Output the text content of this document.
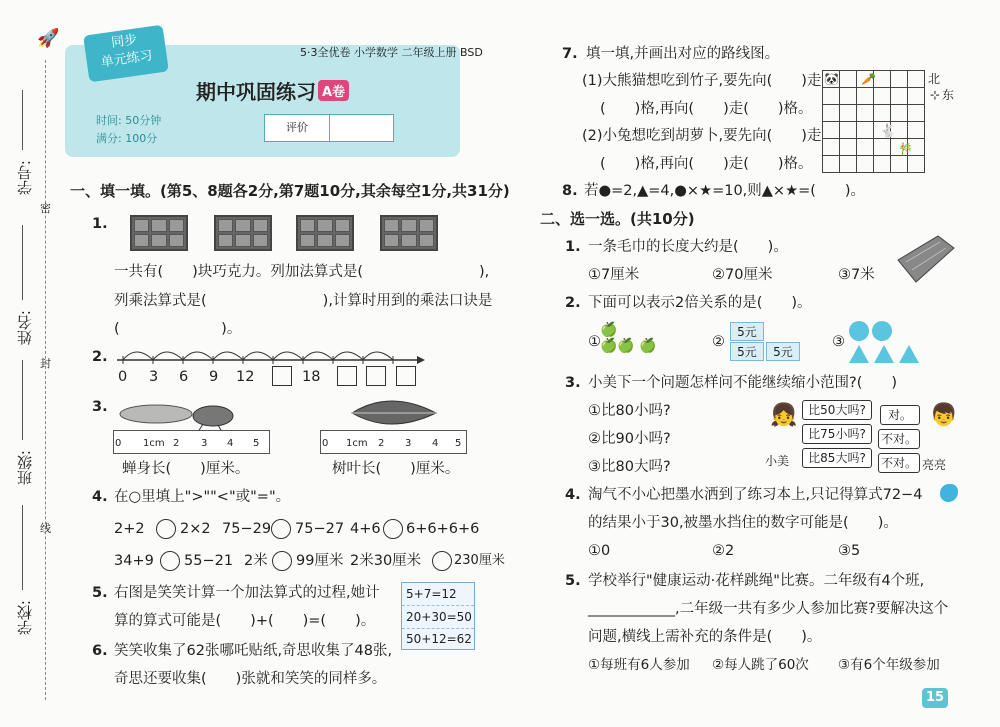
🚀
学号:
姓名:
班级:
学校:
线
封
密
同步
单元练习	5·3全优卷 小学数学 二年级上册 BSD
期中巩固练习 A卷
时间: 50分钟
满分: 100分
评价
一、填一填。(第5、8题各2分,第7题10分,其余每空1分,共31分)
1.
一共有(　　)块巧克力。列加法算式是(　　　　　　　　),
列乘法算式是(　　　　　　　　),计算时用到的乘法口诀是
(　　　　　　　)。
2.
0 3 6 9 12	18
3.
0 1cm 2 3 4 5
蝉身长(　　)厘米。
0 1cm 2 3 4 5
树叶长(　　)厘米。
4. 在○里填上">""<"或"="。
2+2 2×2 75−29 75−27 4+6 6+6+6+6
34+9 55−21 2米 99厘米 2米30厘米	230厘米
5. 右图是笑笑计算一个加法算式的过程,她计
算的算式可能是(　　)+(　　)=(　　)。
5+7=12
20+30=50
50+12=62
6. 笑笑收集了62张哪吒贴纸,奇思收集了48张,
奇思还要收集(　　)张就和笑笑的同样多。
7. 填一填,并画出对应的路线图。
(1)大熊猫想吃到竹子,要先向(　　)走
(　　)格,再向(　　)走(　　)格。
(2)小兔想吃到胡萝卜,要先向(　　)走
(　　)格,再向(　　)走(　　)格。
🐼 🥕
🐇
🎋
北
⊹ 东
8. 若●=2,▲=4,●×★=10,则▲×★=(　　)。
二、选一选。(共10分)
1. 一条毛巾的长度大约是(　　)。
①7厘米	②70厘米	③7米
2. 下面可以表示2倍关系的是(　　)。
①
🍏
🍏🍏 🍏	②
5元
5元	5元
③
3. 小美下一个问题怎样问不能继续缩小范围?(　　)
①比80小吗?
②比90小吗?
③比80大吗?
👧	👦
小美	亮亮
比50大吗?
比75小吗?
比85大吗?
对。
不对。
不对。
4. 淘气不小心把墨水洒到了练习本上,只记得算式72−4
的结果小于30,被墨水挡住的数字可能是(　　)。
①0	②2	③5
5. 学校举行"健康运动·花样跳绳"比赛。二年级有4个班,
____________,二年级一共有多少人参加比赛?要解决这个
问题,横线上需补充的条件是(　　)。
①每班有6人参加 ②每人跳了60次 ③有6个年级参加
15
